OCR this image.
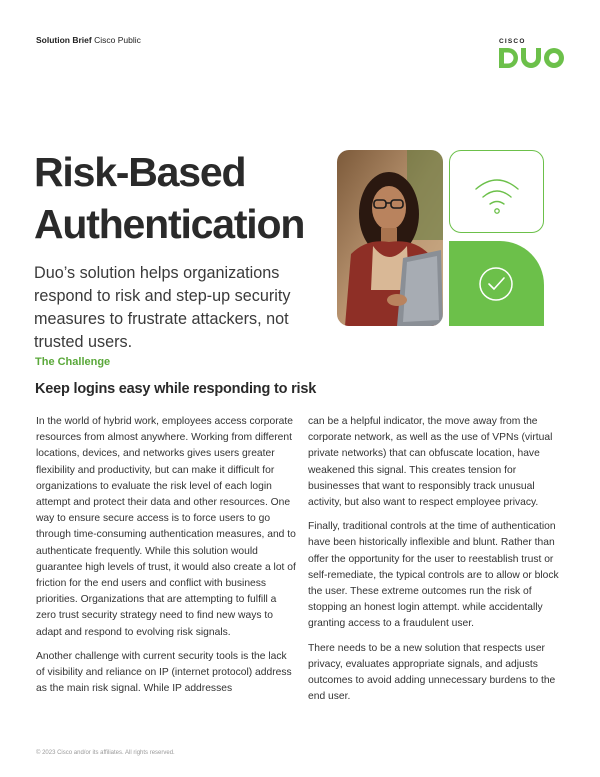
Solution Brief Cisco Public	CISCO
Risk-Based
Authentication
Duo’s solution helps organizations respond to risk and step-up security measures to frustrate attackers, not trusted users.
The Challenge
Keep logins easy while responding to risk

In the world of hybrid work, employees access corporate resources from almost anywhere. Working from different locations, devices, and networks gives users greater flexibility and productivity, but can make it difficult for organizations to evaluate the risk level of each login attempt and protect their data and other resources. One way to ensure secure access is to force users to go through time-consuming authentication measures, and to authenticate frequently. While this solution would guarantee high levels of trust, it would also create a lot of friction for the end users and conflict with business priorities. Organizations that are attempting to fulfill a zero trust security strategy need to find new ways to adapt and respond to evolving risk signals.

Another challenge with current security tools is the lack of visibility and reliance on IP (internet protocol) address as the main risk signal. While IP addresses

can be a helpful indicator, the move away from the corporate network, as well as the use of VPNs (virtual private networks) that can obfuscate location, have weakened this signal. This creates tension for businesses that want to responsibly track unusual activity, but also want to respect employee privacy.

Finally, traditional controls at the time of authentication have been historically inflexible and blunt. Rather than offer the opportunity for the user to reestablish trust or self-remediate, the typical controls are to allow or block the user. These extreme outcomes run the risk of stopping an honest login attempt. while accidentally granting access to a fraudulent user.

There needs to be a new solution that respects user privacy, evaluates appropriate signals, and adjusts outcomes to avoid adding unnecessary burdens to the end user.

© 2023 Cisco and/or its affiliates. All rights reserved.
